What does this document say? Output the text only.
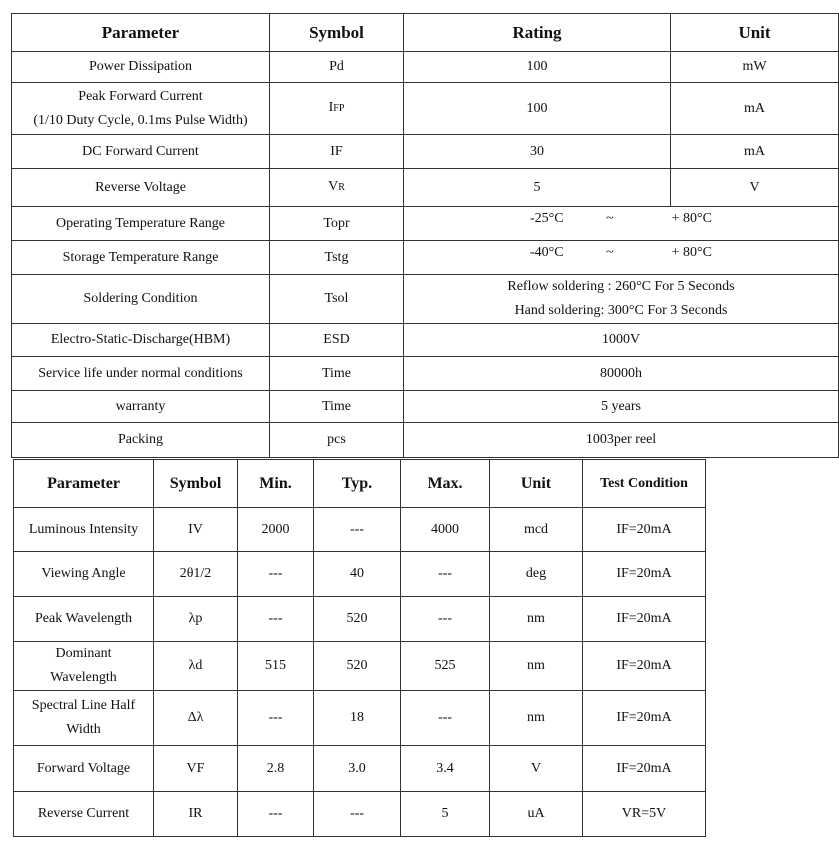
Parameter	Symbol	Rating	Unit
Power Dissipation	Pd	100	mW

Peak Forward Current
(1/10 Duty Cycle, 0.1ms Pulse Width)	IFP	100	mA
DC Forward Current	IF	30	mA
Reverse Voltage	VR	5	V
Operating Temperature Range	Topr	-25°C ~ + 80°C	

Storage Temperature Range	Tstg	-40°C ~ + 80°C	

Soldering Condition	Tsol	Reflow soldering : 260°C For 5 Seconds
Hand soldering: 300°C For 3 Seconds	

Electro-Static-Discharge(HBM)	ESD	1000V	
Service life under normal conditions	Time	80000h	
warranty	Time	5 years	
Packing	pcs	1003per reel	
Parameter	Symbol	Min.	Typ.	Max.	Unit	Test Condition
Luminous Intensity	IV	2000	---	4000	mcd	IF=20mA
Viewing Angle	2θ1/2	---	40	---	deg	IF=20mA
Peak Wavelength	λp	---	520	---	nm	IF=20mA

Dominant
Wavelength	λd	515	520	525	nm	IF=20mA

Spectral Line Half
Width	Δλ	---	18	---	nm	IF=20mA
Forward Voltage	VF	2.8	3.0	3.4	V	IF=20mA
Reverse Current	IR	---	---	5	uA	VR=5V
